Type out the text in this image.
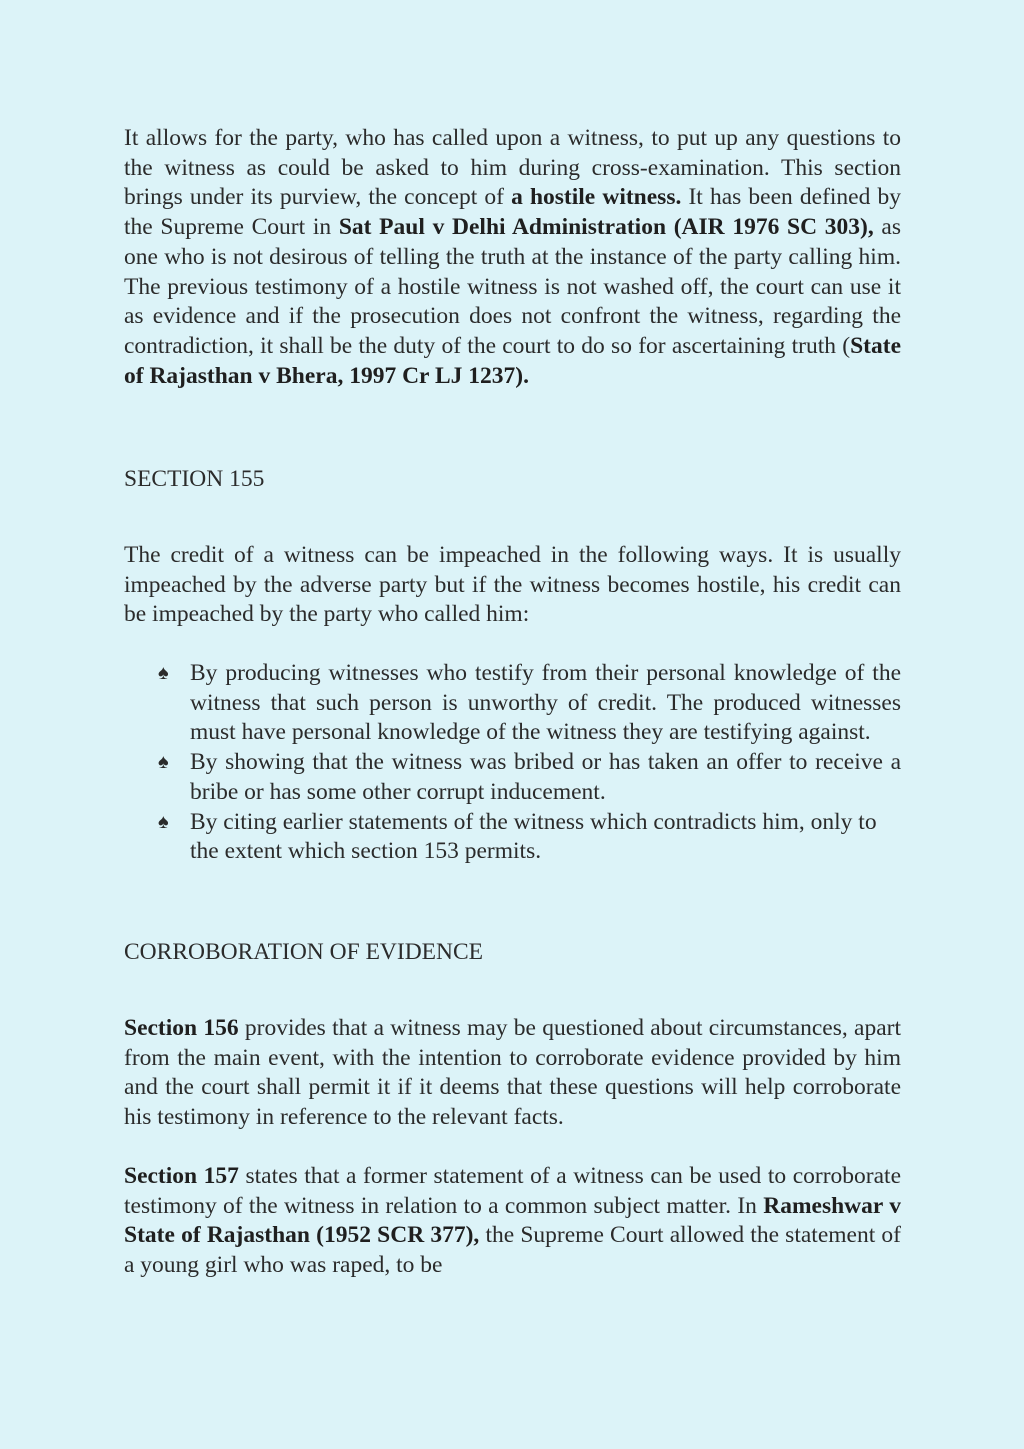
It allows for the party, who has called upon a witness, to put up any questions to the witness as could be asked to him during cross-examination. This section brings under its purview, the concept of a hostile witness. It has been defined by the Supreme Court in Sat Paul v Delhi Administration (AIR 1976 SC 303), as one who is not desirous of telling the truth at the instance of the party calling him. The previous testimony of a hostile witness is not washed off, the court can use it as evidence and if the prosecution does not confront the witness, regarding the contradiction, it shall be the duty of the court to do so for ascertaining truth (State of Rajasthan v Bhera, 1997 Cr LJ 1237).

SECTION 155

The credit of a witness can be impeached in the following ways. It is usually impeached by the adverse party but if the witness becomes hostile, his credit can be impeached by the party who called him:

♠ By producing witnesses who testify from their personal knowledge of the witness that such person is unworthy of credit. The produced witnesses must have personal knowledge of the witness they are testifying against.
♠ By showing that the witness was bribed or has taken an offer to receive a bribe or has some other corrupt inducement.
♠ By citing earlier statements of the witness which contradicts him, only to the extent which section 153 permits.
CORROBORATION OF EVIDENCE

Section 156 provides that a witness may be questioned about circumstances, apart from the main event, with the intention to corroborate evidence provided by him and the court shall permit it if it deems that these questions will help corroborate his testimony in reference to the relevant facts.

Section 157 states that a former statement of a witness can be used to corroborate testimony of the witness in relation to a common subject matter. In Rameshwar v State of Rajasthan (1952 SCR 377), the Supreme Court allowed the statement of a young girl who was raped, to be
